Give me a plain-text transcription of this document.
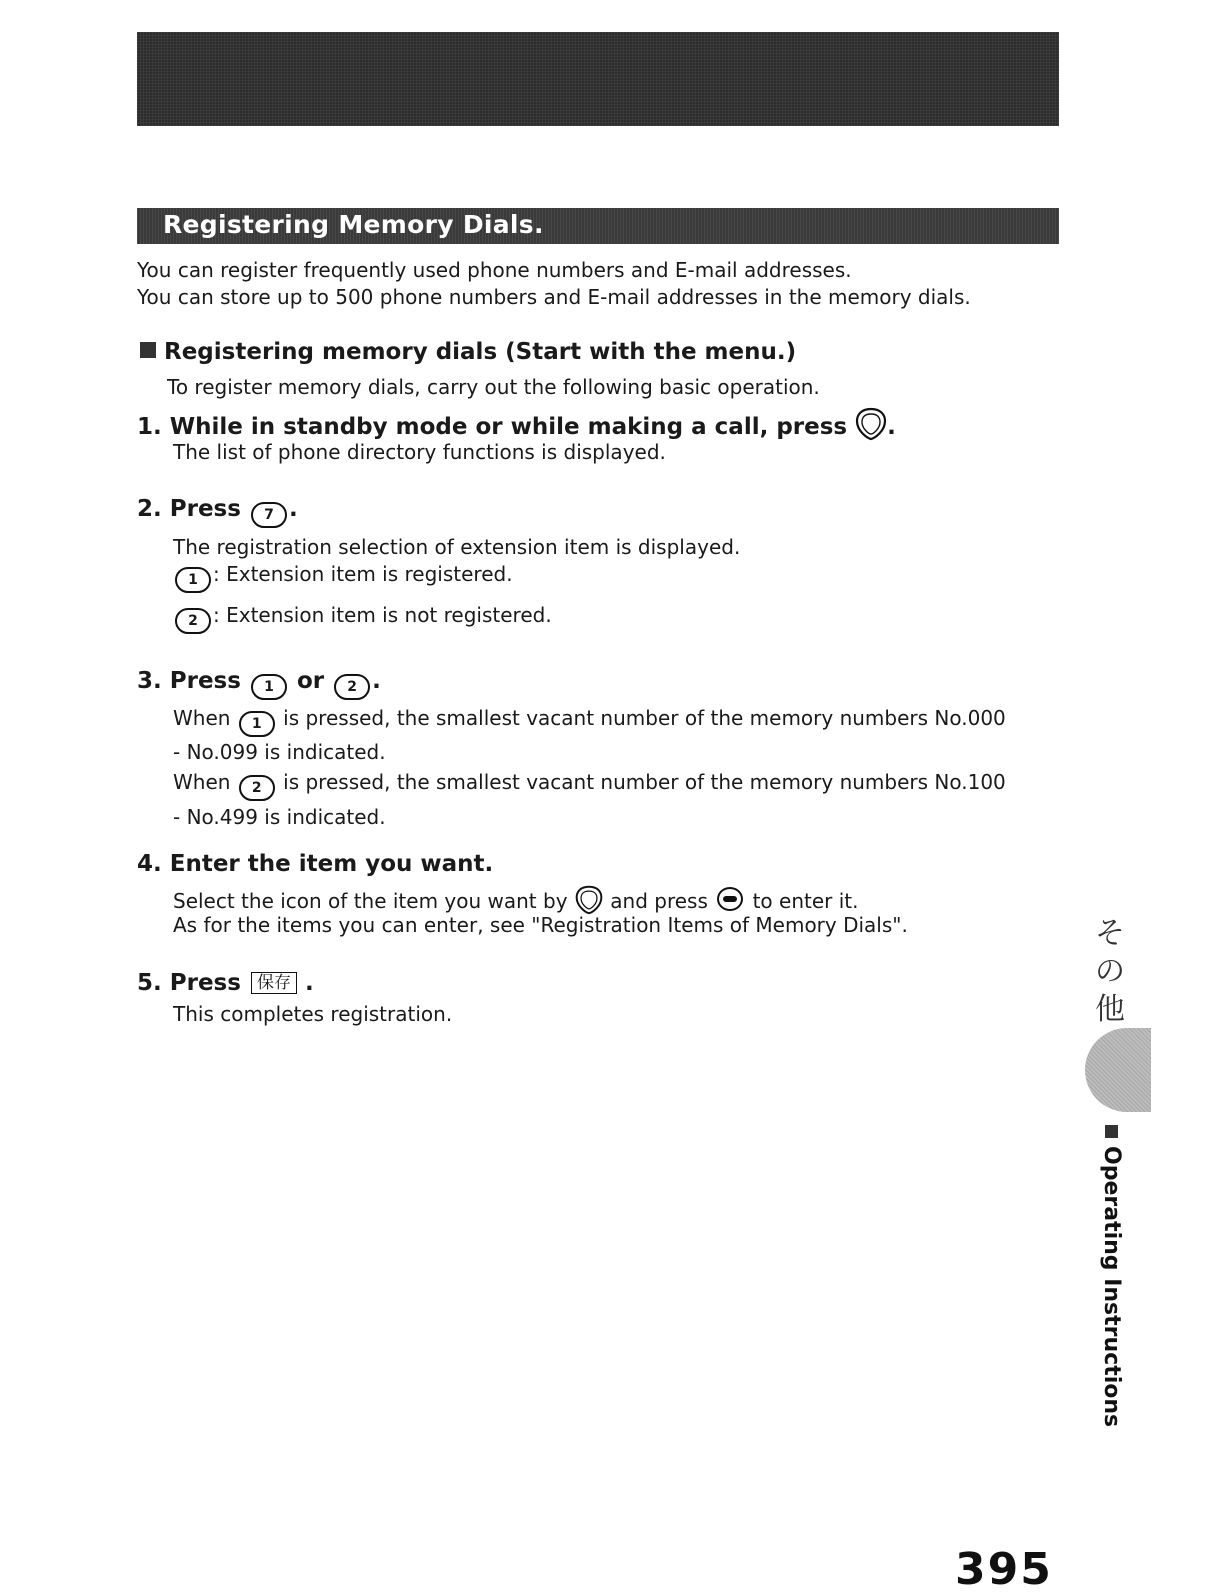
Registering Memory Dials.
You can register frequently used phone numbers and E-mail addresses.
You can store up to 500 phone numbers and E-mail addresses in the memory dials.
Registering memory dials (Start with the menu.)
To register memory dials, carry out the following basic operation.
1. While in standby mode or while making a call, press .
The list of phone directory functions is displayed.
2. Press 7 .
The registration selection of extension item is displayed.
1 : Extension item is registered.
2 : Extension item is not registered.
3. Press 1 or 2 .
When 1 is pressed, the smallest vacant number of the memory numbers No.000
- No.099 is indicated.
When 2 is pressed, the smallest vacant number of the memory numbers No.100
- No.499 is indicated.
4. Enter the item you want.
Select the icon of the item you want by and press to enter it.
As for the items you can enter, see "Registration Items of Memory Dials".
5. Press 保存 .
This completes registration.
その他
Operating Instructions
395
